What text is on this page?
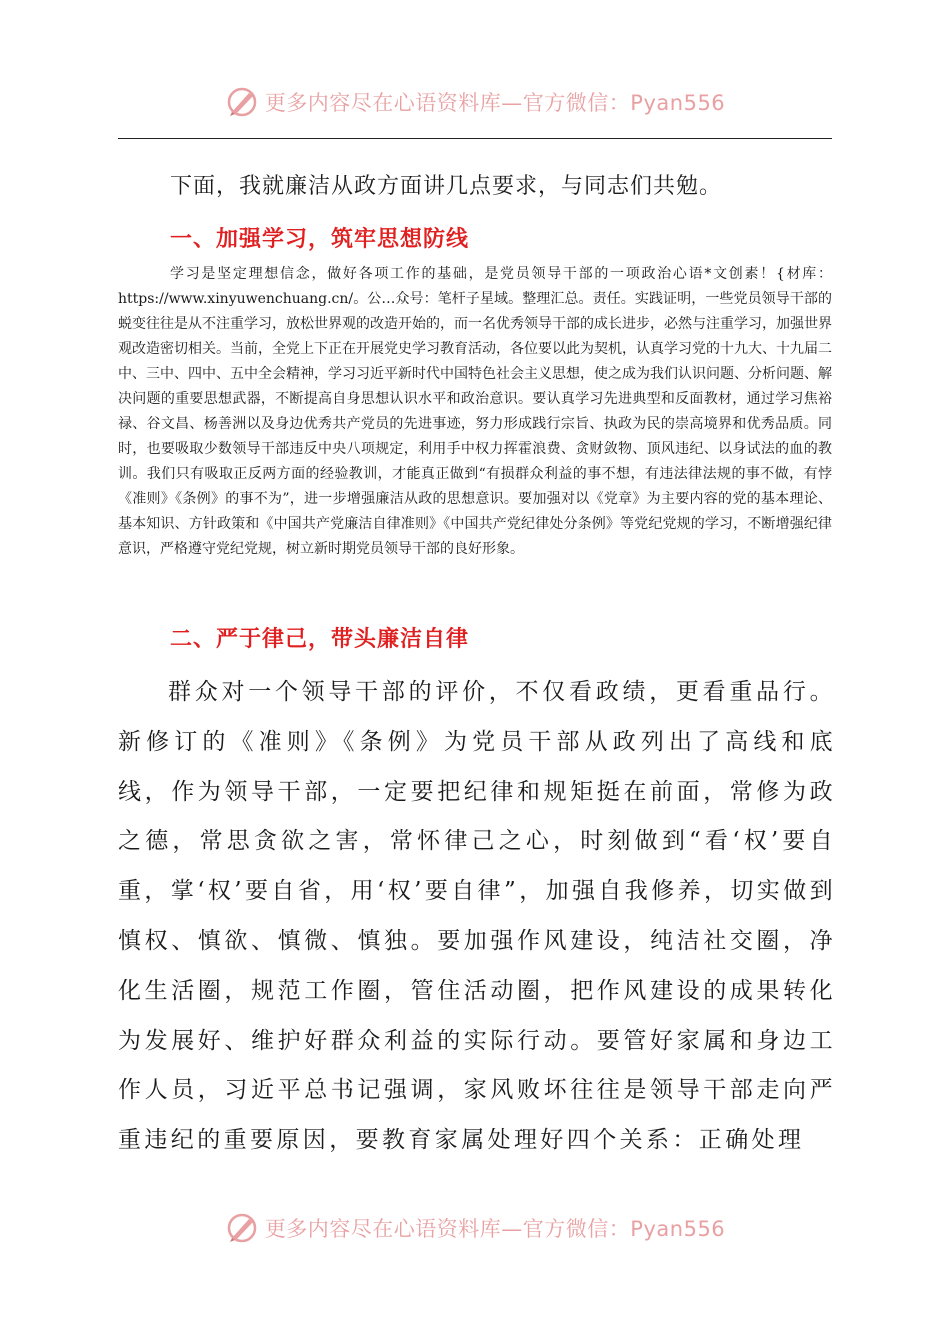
更多内容尽在心语资料库—官方微信：Pyan556

下面，我就廉洁从政方面讲几点要求，与同志们共勉。

一、加强学习，筑牢思想防线

学习是坚定理想信念，做好各项工作的基础，是党员领导干部的一项政治心语*文创素！{材库：https://www.xinyuwenchuang.cn/。公…众号：笔杆子星域。整理汇总。责任。实践证明，一些党员领导干部的蜕变往往是从不注重学习，放松世界观的改造开始的，而一名优秀领导干部的成长进步，必然与注重学习，加强世界观改造密切相关。当前，全党上下正在开展党史学习教育活动，各位要以此为契机，认真学习党的十九大、十九届二中、三中、四中、五中全会精神，学习习近平新时代中国特色社会主义思想，使之成为我们认识问题、分析问题、解决问题的重要思想武器，不断提高自身思想认识水平和政治意识。要认真学习先进典型和反面教材，通过学习焦裕禄、谷文昌、杨善洲以及身边优秀共产党员的先进事迹，努力形成践行宗旨、执政为民的崇高境界和优秀品质。同时，也要吸取少数领导干部违反中央八项规定，利用手中权力挥霍浪费、贪财敛物、顶风违纪、以身试法的血的教训。我们只有吸取正反两方面的经验教训，才能真正做到“有损群众利益的事不想，有违法律法规的事不做，有悖《准则》《条例》的事不为”，进一步增强廉洁从政的思想意识。要加强对以《党章》为主要内容的党的基本理论、基本知识、方针政策和《中国共产党廉洁自律准则》《中国共产党纪律处分条例》等党纪党规的学习，不断增强纪律意识，严格遵守党纪党规，树立新时期党员领导干部的良好形象。

二、严于律己，带头廉洁自律

群众对一个领导干部的评价，不仅看政绩，更看重品行。新修订的《准则》《条例》为党员干部从政列出了高线和底线，作为领导干部，一定要把纪律和规矩挺在前面，常修为政之德，常思贪欲之害，常怀律己之心，时刻做到“看‘权’要自重，掌‘权’要自省，用‘权’要自律”，加强自我修养，切实做到慎权、慎欲、慎微、慎独。要加强作风建设，纯洁社交圈，净化生活圈，规范工作圈，管住活动圈，把作风建设的成果转化为发展好、维护好群众利益的实际行动。要管好家属和身边工作人员，习近平总书记强调，家风败坏往往是领导干部走向严重违纪的重要原因，要教育家属处理好四个关系：正确处理

更多内容尽在心语资料库—官方微信：Pyan556
